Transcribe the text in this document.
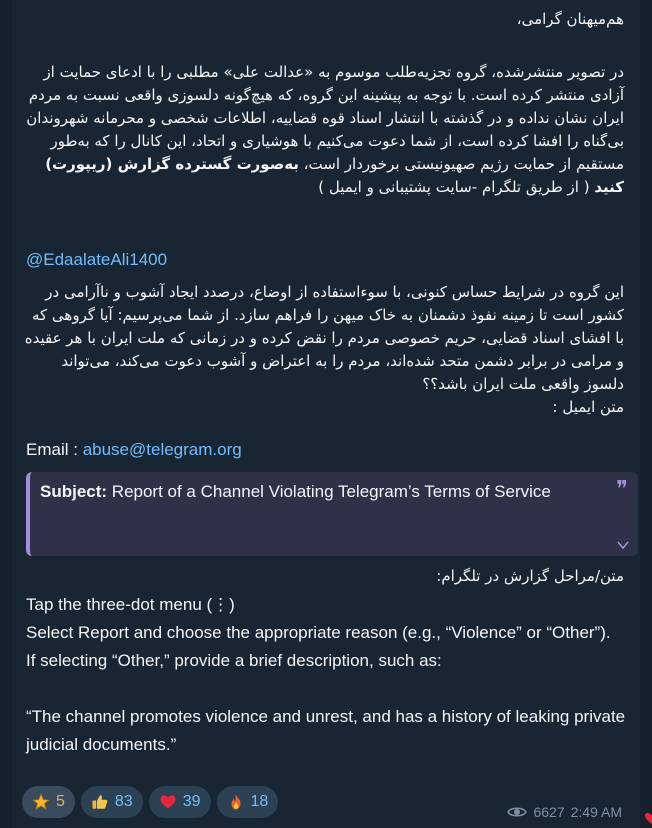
هم‌میهنان گرامی،
در تصویر منتشرشده، گروه تجزیه‌طلب موسوم به «عدالت علی» مطلبی را با ادعای حمایت از آزادی منتشر کرده است. با توجه به پیشینه این گروه، که هیچ‌گونه دلسوزی واقعی نسبت به مردم ایران نشان نداده و در گذشته با انتشار اسناد قوه قضاییه، اطلاعات شخصی و محرمانه شهروندان بی‌گناه را افشا کرده است، از شما دعوت می‌کنیم با هوشیاری و اتحاد، این کانال را که به‌طور مستقیم از حمایت رژیم صهیونیستی برخوردار است، به‌صورت گسترده گزارش (ریپورت) کنید ( از طریق تلگرام -سایت پشتیبانی و ایمیل )
@EdaalateAli1400
این گروه در شرایط حساس کنونی، با سوءاستفاده از اوضاع، درصدد ایجاد آشوب و ناآرامی در کشور است تا زمینه نفوذ دشمنان به خاک میهن را فراهم سازد. از شما می‌پرسیم: آیا گروهی که با افشای اسناد قضایی، حریم خصوصی مردم را نقض کرده و در زمانی که ملت ایران با هر عقیده و مرامی در برابر دشمن متحد شده‌اند، مردم را به اعتراض و آشوب دعوت می‌کند، می‌تواند دلسوز واقعی ملت ایران باشد؟؟
متن ایمیل :
Email : abuse@telegram.org
Subject: Report of a Channel Violating Telegram’s Terms of Service	❞
متن/مراحل گزارش در تلگرام:
Tap the three-dot menu (⋮)
Select Report and choose the appropriate reason (e.g., “Violence” or “Other”).
If selecting “Other,” provide a brief description, such as:

“The channel promotes violence and unrest, and has a history of leaking private judicial documents.”
5	83	39	18
6627 2:49 AM
